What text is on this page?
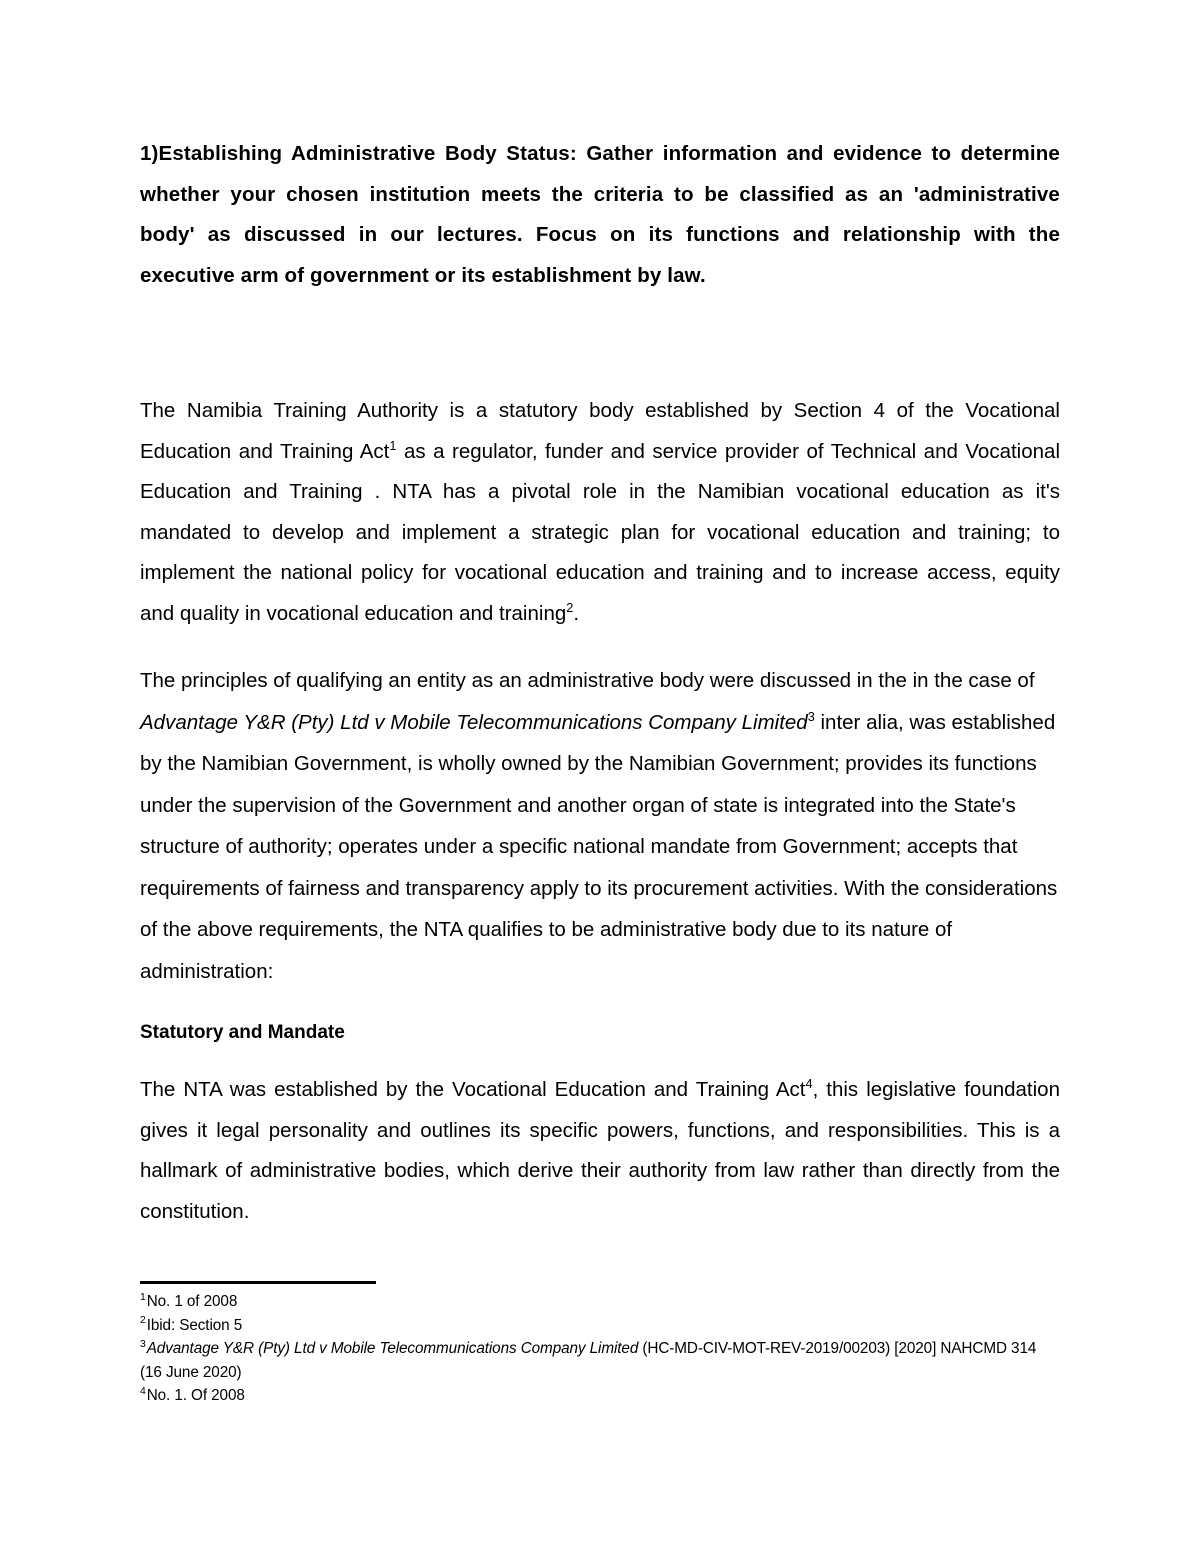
1)Establishing Administrative Body Status: Gather information and evidence to determine whether your chosen institution meets the criteria to be classified as an 'administrative body' as discussed in our lectures. Focus on its functions and relationship with the executive arm of government or its establishment by law.

The Namibia Training Authority is a statutory body established by Section 4 of the Vocational Education and Training Act$^1$ as a regulator, funder and service provider of Technical and Vocational Education and Training . NTA has a pivotal role in the Namibian vocational education as it's mandated to develop and implement a strategic plan for vocational education and training; to implement the national policy for vocational education and training and to increase access, equity and quality in vocational education and training$^2$.

The principles of qualifying an entity as an administrative body were discussed in the in the case of Advantage Y&R (Pty) Ltd v Mobile Telecommunications Company Limited$^3$ inter alia, was established by the Namibian Government, is wholly owned by the Namibian Government; provides its functions under the supervision of the Government and another organ of state is integrated into the State's structure of authority; operates under a specific national mandate from Government; accepts that requirements of fairness and transparency apply to its procurement activities. With the considerations of the above requirements, the NTA qualifies to be administrative body due to its nature of administration:

Statutory and Mandate

The NTA was established by the Vocational Education and Training Act$^4$, this legislative foundation gives it legal personality and outlines its specific powers, functions, and responsibilities. This is a hallmark of administrative bodies, which derive their authority from law rather than directly from the constitution.

$^1$No. 1 of 2008
$^2$Ibid: Section 5
$^3$Advantage Y&R (Pty) Ltd v Mobile Telecommunications Company Limited (HC-MD-CIV-MOT-REV-2019/00203) [2020] NAHCMD 314 (16 June 2020)
$^4$No. 1. Of 2008
